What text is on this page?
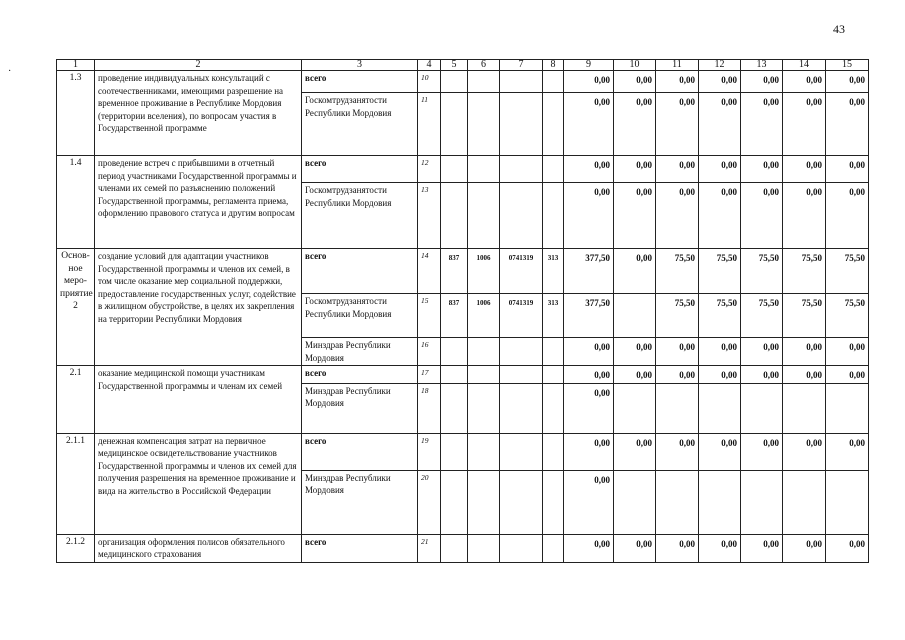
43
·
1	2	3	4	5	6	7	8	9	10	11	12	13	14	15
1.3	проведение индивидуальных консультаций с соотечественниками, имеющими разрешение на временное проживание в Республике Мордовия (территории вселения), по вопросам участия в Государственной программе	всего	10					0,00	0,00	0,00	0,00	0,00	0,00	0,00
		Госкомтрудзанятости Республики Мордовия	11					0,00	0,00	0,00	0,00	0,00	0,00	0,00
1.4	проведение встреч с прибывшими в отчетный период участниками Государственной программы и членами их семей по разъяснению положений Государственной программы, регламента приема, оформлению правового статуса и другим вопросам	всего	12					0,00	0,00	0,00	0,00	0,00	0,00	0,00
		Госкомтрудзанятости Республики Мордовия	13					0,00	0,00	0,00	0,00	0,00	0,00	0,00
Основ-ное меро-приятие 2	создание условий для адаптации участников Государственной программы и членов их семей, в том числе оказание мер социальной поддержки, предоставление государственных услуг, содействие в жилищном обустройстве, в целях их закрепления на территории Республики Мордовия	всего	14	837	1006	0741319	313	377,50	0,00	75,50	75,50	75,50	75,50	75,50
		Госкомтрудзанятости Республики Мордовия	15	837	1006	0741319	313	377,50		75,50	75,50	75,50	75,50	75,50
		Минздрав Республики Мордовия	16					0,00	0,00	0,00	0,00	0,00	0,00	0,00
2.1	оказание медицинской помощи участникам Государственной программы и членам их семей	всего	17					0,00	0,00	0,00	0,00	0,00	0,00	0,00
		Минздрав Республики Мордовия	18					0,00						
2.1.1	денежная компенсация затрат на первичное медицинское освидетельствование участников Государственной программы и членов их семей для получения разрешения на временное проживание и вида на жительство в Российской Федерации	всего	19					0,00	0,00	0,00	0,00	0,00	0,00	0,00
		Минздрав Республики Мордовия	20					0,00						
2.1.2	организация оформления полисов обязательного медицинского страхования	всего	21					0,00	0,00	0,00	0,00	0,00	0,00	0,00
